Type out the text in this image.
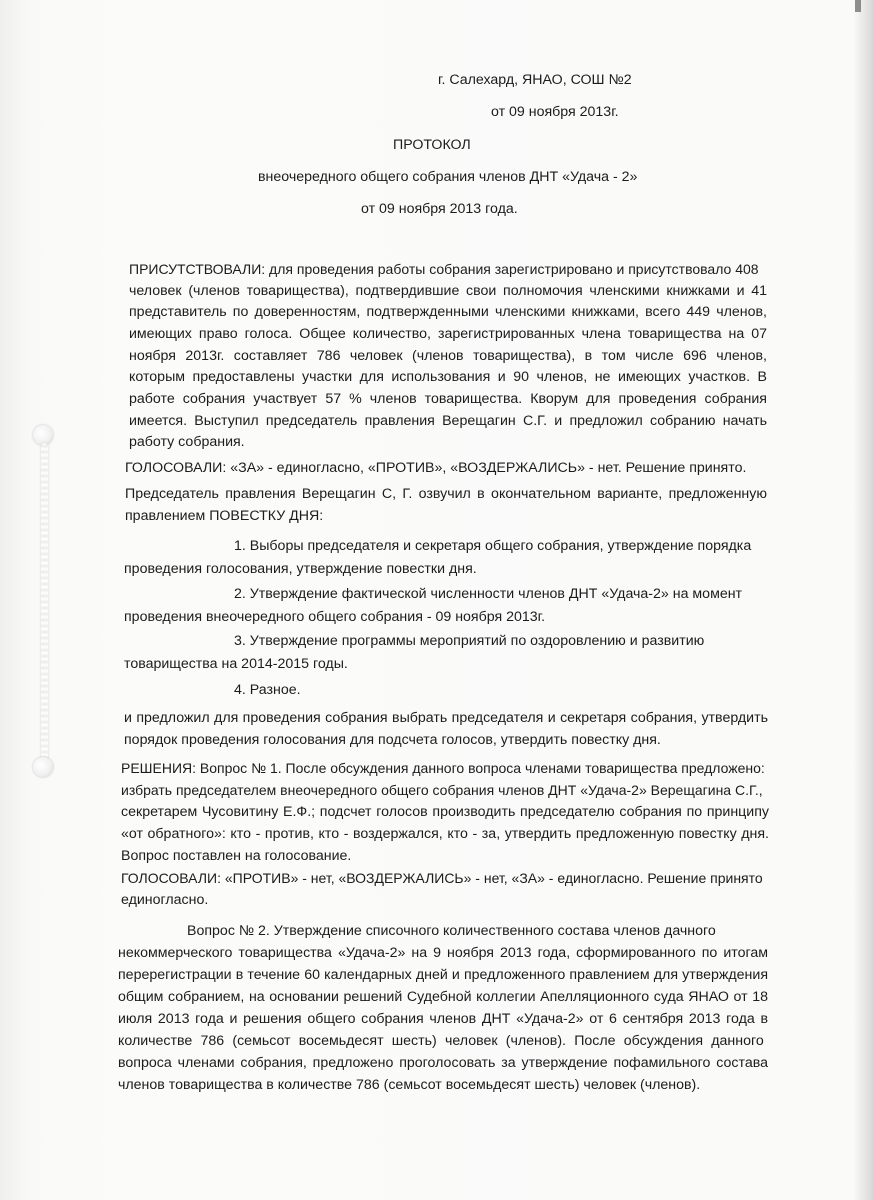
г. Салехард, ЯНАО, СОШ №2
от 09 ноября 2013г.
ПРОТОКОЛ
внеочередного общего собрания членов ДНТ «Удача - 2»
от 09 ноября 2013 года.
ПРИСУТСТВОВАЛИ: для проведения работы собрания зарегистрировано и присутствовало 408
человек (членов товарищества), подтвердившие свои полномочия членскими книжками и 41
представитель по доверенностям, подтвержденными членскими книжками, всего 449 членов,
имеющих право голоса. Общее количество, зарегистрированных члена товарищества на 07
ноября 2013г. составляет 786 человек (членов товарищества), в том числе 696 членов,
которым предоставлены участки для использования и 90 членов, не имеющих участков. В
работе собрания участвует 57 % членов товарищества. Кворум для проведения собрания
имеется. Выступил председатель правления Верещагин С.Г. и предложил собранию начать
работу собрания.
ГОЛОСОВАЛИ: «ЗА» - единогласно, «ПРОТИВ», «ВОЗДЕРЖАЛИСЬ» - нет. Решение принято.
Председатель правления Верещагин С, Г. озвучил в окончательном варианте, предложенную
правлением ПОВЕСТКУ ДНЯ:
1. Выборы председателя и секретаря общего собрания, утверждение порядка
проведения голосования, утверждение повестки дня.
2. Утверждение фактической численности членов ДНТ «Удача-2» на момент
проведения внеочередного общего собрания - 09 ноября 2013г.
3. Утверждение программы мероприятий по оздоровлению и развитию
товарищества на 2014-2015 годы.
4. Разное.
и предложил для проведения собрания выбрать председателя и секретаря собрания, утвердить
порядок проведения голосования для подсчета голосов, утвердить повестку дня.
РЕШЕНИЯ: Вопрос № 1. После обсуждения данного вопроса членами товарищества предложено:
избрать председателем внеочередного общего собрания членов ДНТ «Удача-2» Верещагина С.Г.,
секретарем Чусовитину Е.Ф.; подсчет голосов производить председателю собрания по принципу
«от обратного»: кто - против, кто - воздержался, кто - за, утвердить предложенную повестку дня.
Вопрос поставлен на голосование.
ГОЛОСОВАЛИ: «ПРОТИВ» - нет, «ВОЗДЕРЖАЛИСЬ» - нет, «ЗА» - единогласно. Решение принято
единогласно.
Вопрос № 2. Утверждение списочного количественного состава членов дачного
некоммерческого товарищества «Удача-2» на 9 ноября 2013 года, сформированного по итогам
перерегистрации в течение 60 календарных дней и предложенного правлением для утверждения
общим собранием, на основании решений Судебной коллегии Апелляционного суда ЯНАО от 18
июля 2013 года и решения общего собрания членов ДНТ «Удача-2» от 6 сентября 2013 года в
количестве 786 (семьсот восемьдесят шесть) человек (членов). После обсуждения данного
вопроса членами собрания, предложено проголосовать за утверждение пофамильного состава
членов товарищества в количестве 786 (семьсот восемьдесят шесть) человек (членов).
